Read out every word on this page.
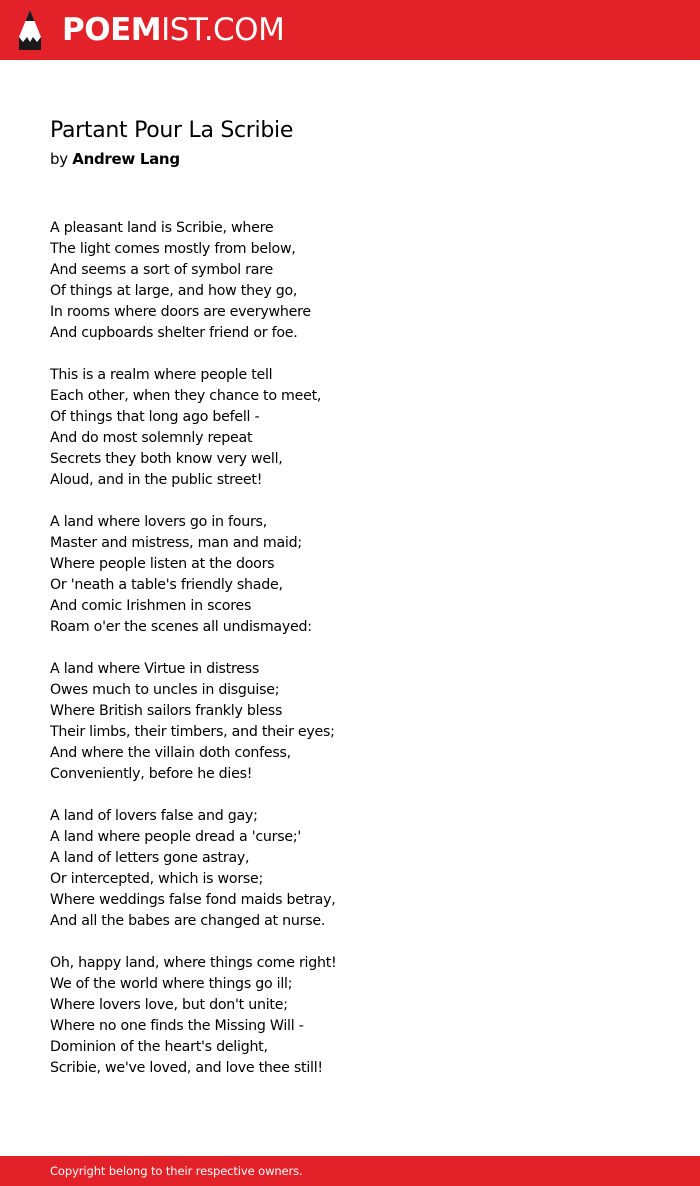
POEMIST.COM
Partant Pour La Scribie
by Andrew Lang
A pleasant land is Scribie, where
The light comes mostly from below,
And seems a sort of symbol rare
Of things at large, and how they go,
In rooms where doors are everywhere
And cupboards shelter friend or foe.
This is a realm where people tell
Each other, when they chance to meet,
Of things that long ago befell -
And do most solemnly repeat
Secrets they both know very well,
Aloud, and in the public street!
A land where lovers go in fours,
Master and mistress, man and maid;
Where people listen at the doors
Or 'neath a table's friendly shade,
And comic Irishmen in scores
Roam o'er the scenes all undismayed:
A land where Virtue in distress
Owes much to uncles in disguise;
Where British sailors frankly bless
Their limbs, their timbers, and their eyes;
And where the villain doth confess,
Conveniently, before he dies!
A land of lovers false and gay;
A land where people dread a 'curse;'
A land of letters gone astray,
Or intercepted, which is worse;
Where weddings false fond maids betray,
And all the babes are changed at nurse.
Oh, happy land, where things come right!
We of the world where things go ill;
Where lovers love, but don't unite;
Where no one finds the Missing Will -
Dominion of the heart's delight,
Scribie, we've loved, and love thee still!
Copyright belong to their respective owners.
